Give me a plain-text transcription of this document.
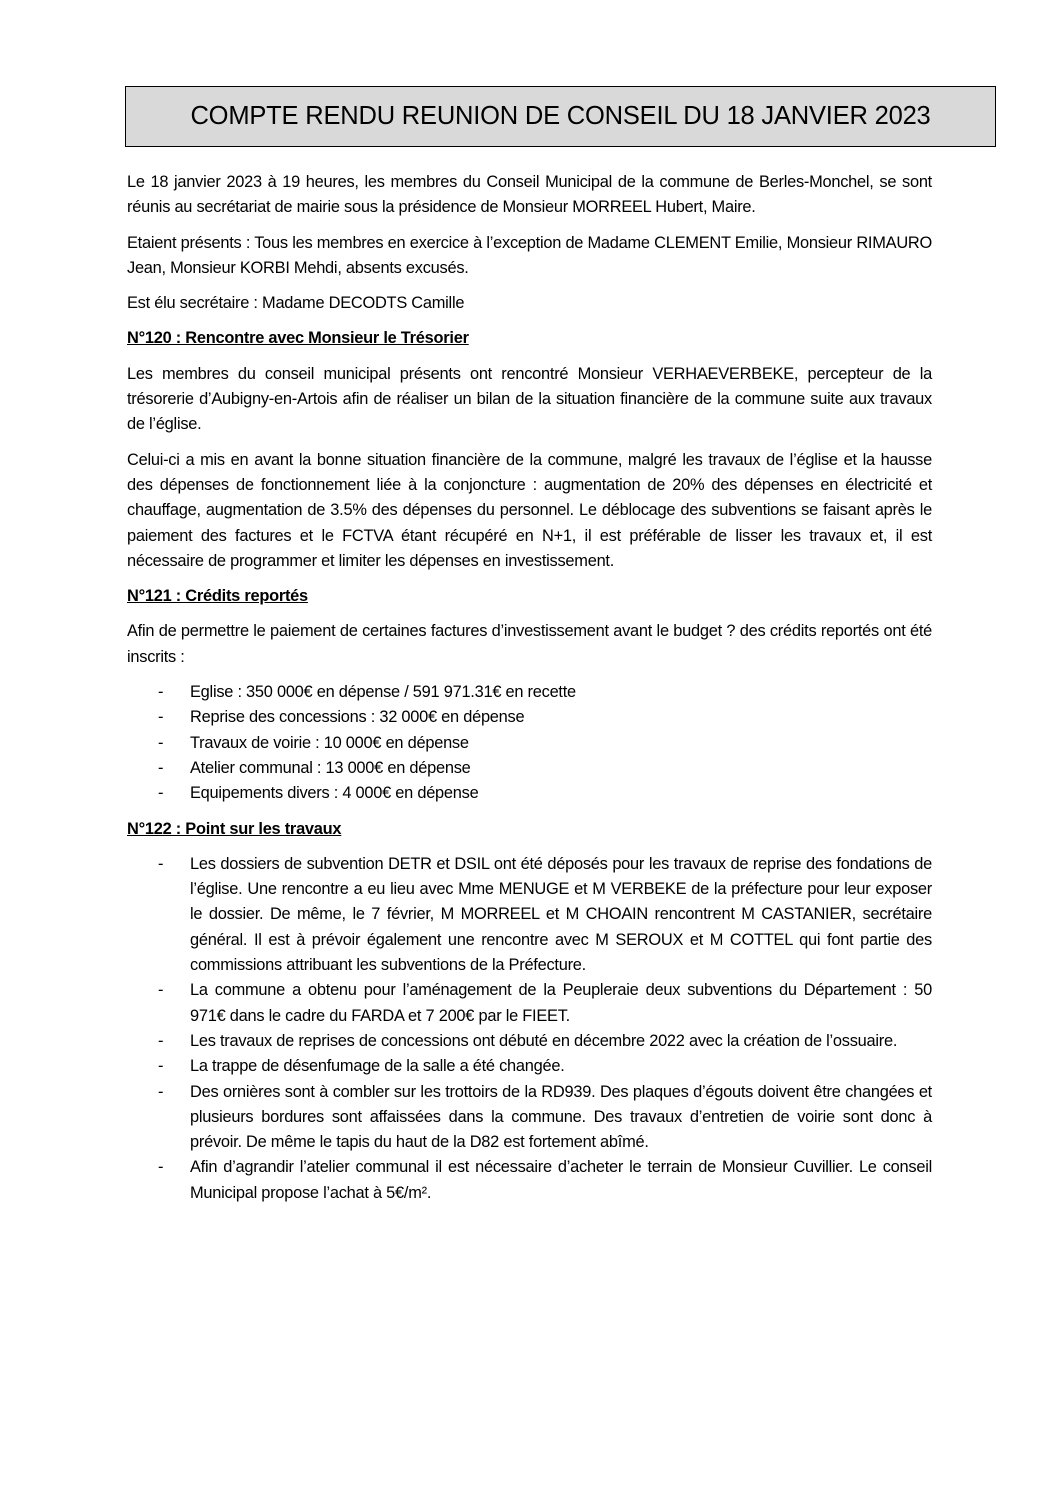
COMPTE RENDU REUNION DE CONSEIL DU 18 JANVIER 2023

Le 18 janvier 2023 à 19 heures, les membres du Conseil Municipal de la commune de Berles-Monchel, se sont réunis au secrétariat de mairie sous la présidence de Monsieur MORREEL Hubert, Maire.

Etaient présents : Tous les membres en exercice à l’exception de Madame CLEMENT Emilie, Monsieur RIMAURO Jean, Monsieur KORBI Mehdi, absents excusés.

Est élu secrétaire : Madame DECODTS Camille

N°120 : Rencontre avec Monsieur le Trésorier

Les membres du conseil municipal présents ont rencontré Monsieur VERHAEVERBEKE, percepteur de la trésorerie d’Aubigny-en-Artois afin de réaliser un bilan de la situation financière de la commune suite aux travaux de l’église.

Celui-ci a mis en avant la bonne situation financière de la commune, malgré les travaux de l’église et la hausse des dépenses de fonctionnement liée à la conjoncture : augmentation de 20% des dépenses en électricité et chauffage, augmentation de 3.5% des dépenses du personnel. Le déblocage des subventions se faisant après le paiement des factures et le FCTVA étant récupéré en N+1, il est préférable de lisser les travaux et, il est nécessaire de programmer et limiter les dépenses en investissement.

N°121 : Crédits reportés

Afin de permettre le paiement de certaines factures d’investissement avant le budget ? des crédits reportés ont été inscrits :

- Eglise : 350 000€ en dépense / 591 971.31€ en recette
- Reprise des concessions : 32 000€ en dépense
- Travaux de voirie : 10 000€ en dépense
- Atelier communal : 13 000€ en dépense
- Equipements divers : 4 000€ en dépense
N°122 : Point sur les travaux
- Les dossiers de subvention DETR et DSIL ont été déposés pour les travaux de reprise des fondations de l’église. Une rencontre a eu lieu avec Mme MENUGE et M VERBEKE de la préfecture pour leur exposer le dossier. De même, le 7 février, M MORREEL et M CHOAIN rencontrent M CASTANIER, secrétaire général. Il est à prévoir également une rencontre avec M SEROUX et M COTTEL qui font partie des commissions attribuant les subventions de la Préfecture.
- La commune a obtenu pour l’aménagement de la Peupleraie deux subventions du Département : 50 971€ dans le cadre du FARDA et 7 200€ par le FIEET.
- Les travaux de reprises de concessions ont débuté en décembre 2022 avec la création de l’ossuaire.
- La trappe de désenfumage de la salle a été changée.
- Des ornières sont à combler sur les trottoirs de la RD939. Des plaques d’égouts doivent être changées et plusieurs bordures sont affaissées dans la commune. Des travaux d’entretien de voirie sont donc à prévoir. De même le tapis du haut de la D82 est fortement abîmé.
- Afin d’agrandir l’atelier communal il est nécessaire d’acheter le terrain de Monsieur Cuvillier. Le conseil Municipal propose l’achat à 5€/m².
